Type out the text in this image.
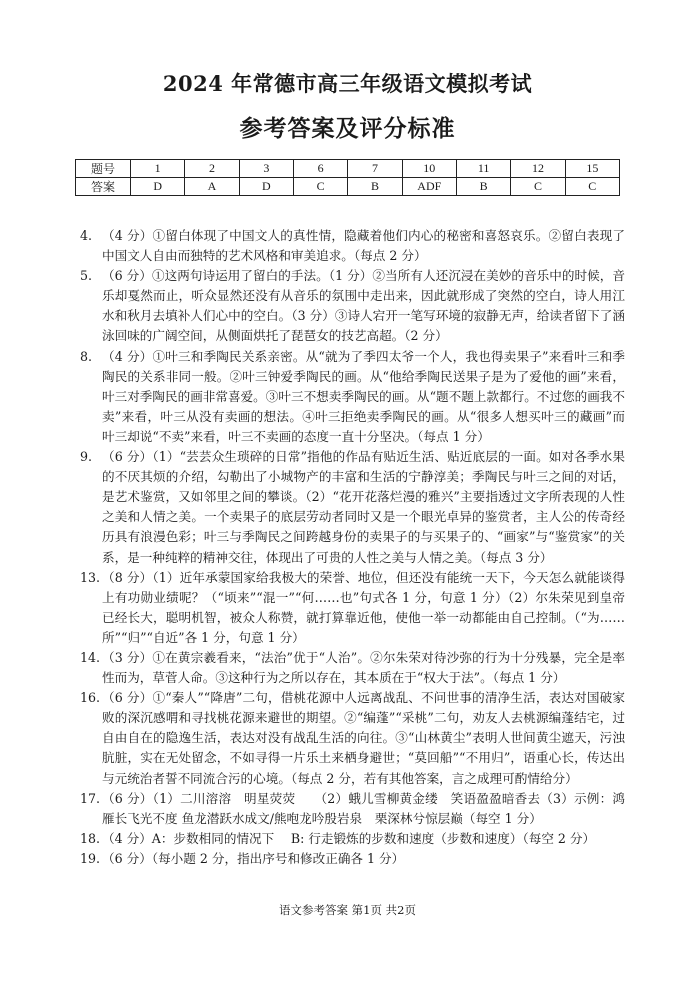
2024 年常德市高三年级语文模拟考试
参考答案及评分标准
题号	1	2	3	6	7	10	11	12	15
答案	D	A	D	C	B	ADF	B	C	C
4. （4 分）①留白体现了中国文人的真性情，隐藏着他们内心的秘密和喜怒哀乐。②留白表现了中国文人自由而独特的艺术风格和审美追求。（每点 2 分）
5. （6 分）①这两句诗运用了留白的手法。（1 分）②当所有人还沉浸在美妙的音乐中的时候，音乐却戛然而止，听众显然还没有从音乐的氛围中走出来，因此就形成了突然的空白，诗人用江水和秋月去填补人们心中的空白。（3 分）③诗人宕开一笔写环境的寂静无声，给读者留下了涵泳回味的广阔空间，从侧面烘托了琵琶女的技艺高超。（2 分）
8. （4 分）①叶三和季陶民关系亲密。从“就为了季四太爷一个人，我也得卖果子”来看叶三和季陶民的关系非同一般。②叶三钟爱季陶民的画。从“他给季陶民送果子是为了爱他的画”来看，叶三对季陶民的画非常喜爱。③叶三不想卖季陶民的画。从“题不题上款都行。不过您的画我不卖”来看，叶三从没有卖画的想法。④叶三拒绝卖季陶民的画。从“很多人想买叶三的藏画”而叶三却说“不卖”来看，叶三不卖画的态度一直十分坚决。（每点 1 分）
9. （6 分）（1）“芸芸众生琐碎的日常”指他的作品有贴近生活、贴近底层的一面。如对各季水果的不厌其烦的介绍，勾勒出了小城物产的丰富和生活的宁静淳美；季陶民与叶三之间的对话，是艺术鉴赏，又如邻里之间的攀谈。（2）“花开花落烂漫的雅兴”主要指透过文字所表现的人性之美和人情之美。一个卖果子的底层劳动者同时又是一个眼光卓异的鉴赏者，主人公的传奇经历具有浪漫色彩；叶三与季陶民之间跨越身份的卖果子的与买果子的、“画家”与“鉴赏家”的关系，是一种纯粹的精神交往，体现出了可贵的人性之美与人情之美。（每点 3 分）
13. （8 分）（1）近年承蒙国家给我极大的荣誉、地位，但还没有能统一天下，今天怎么就能谈得上有功勋业绩呢？（“顷来”“混一”“何……也”句式各 1 分，句意 1 分）（2）尔朱荣见到皇帝已经长大，聪明机智，被众人称赞，就打算靠近他，使他一举一动都能由自己控制。（“为……所”“归”“自近”各 1 分，句意 1 分）
14. （3 分）①在黄宗羲看来，“法治”优于“人治”。②尔朱荣对待沙弥的行为十分残暴，完全是率性而为，草菅人命。③这种行为之所以存在，其本质在于“权大于法”。（每点 1 分）
16. （6 分）①“秦人”“降唐”二句，借桃花源中人远离战乱、不问世事的清净生活，表达对国破家败的深沉感喟和寻找桃花源来避世的期望。②“编蓬”“采桃”二句，劝友人去桃源编蓬结宅，过自由自在的隐逸生活，表达对没有战乱生活的向往。③“山林黄尘”表明人世间黄尘遮天，污浊肮脏，实在无处留念，不如寻得一片乐土来栖身避世；“莫回船”“不用归”，语重心长，传达出与元统治者誓不同流合污的心境。（每点 2 分，若有其他答案，言之成理可酌情给分）
17. （6 分）（1）二川溶溶　明星荧荧　　（2）蛾儿雪柳黄金缕　笑语盈盈暗香去（3）示例：鸿雁长飞光不度 鱼龙潜跃水成文/熊咆龙吟殷岩泉　栗深林兮惊层巅（每空 1 分）
18. （4 分）A：步数相同的情况下　 B: 行走锻炼的步数和速度（步数和速度）（每空 2 分）
19. （6 分）（每小题 2 分，指出序号和修改正确各 1 分）
语文参考答案 第1页 共2页
